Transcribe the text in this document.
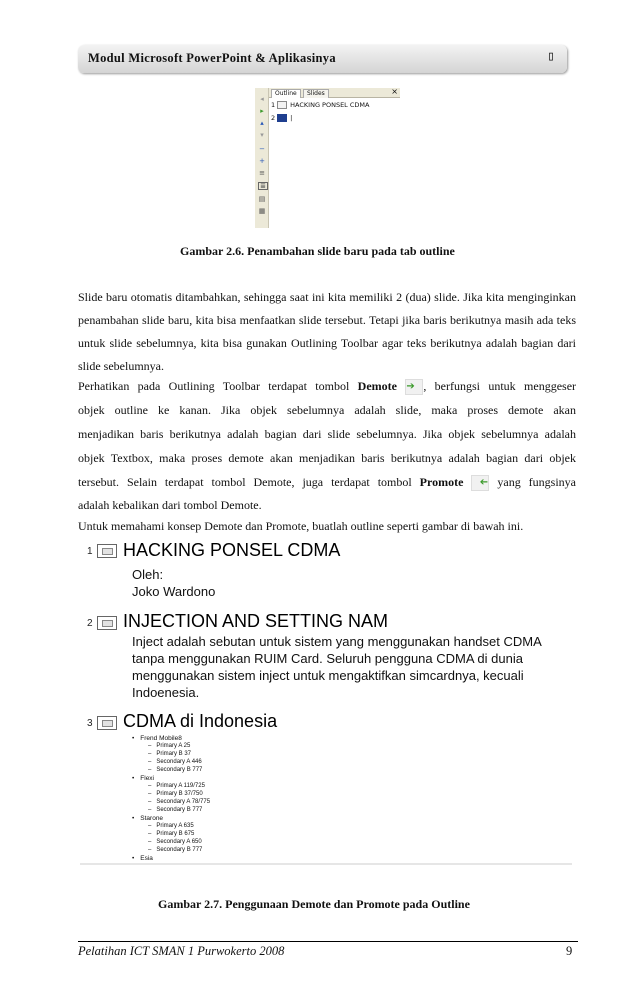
Modul Microsoft PowerPoint & Aplikasinya	▯
◂
▸
▴
▾
−
+
≡
≣
▤
▦
Outline	Slides	×
1 HACKING PONSEL CDMA
2 |
Gambar 2.6. Penambahan slide baru pada tab outline
Slide baru otomatis ditambahkan, sehingga saat ini kita memiliki 2 (dua) slide. Jika kita menginginkan penambahan slide baru, kita bisa menfaatkan slide tersebut. Tetapi jika baris berikutnya masih ada teks untuk slide sebelumnya, kita bisa gunakan Outlining Toolbar agar teks berikutnya adalah bagian dari slide sebelumnya.
Perhatikan pada Outlining Toolbar terdapat tombol Demote ➔ , berfungsi untuk menggeser
objek outline ke kanan. Jika objek sebelumnya adalah slide, maka proses demote akan
menjadikan baris berikutnya adalah bagian dari slide sebelumnya. Jika objek sebelumnya adalah
objek Textbox, maka proses demote akan menjadikan baris berikutnya adalah bagian dari objek
tersebut. Selain terdapat tombol Demote, juga terdapat tombol Promote ➔ yang fungsinya
adalah kebalikan dari tombol Demote.
Untuk memahami konsep Demote dan Promote, buatlah outline seperti gambar di bawah ini.
1 HACKING PONSEL CDMA
Oleh:
Joko Wardono
2 INJECTION AND SETTING NAM
Inject adalah sebutan untuk sistem yang menggunakan handset CDMA
tanpa menggunakan RUIM Card. Seluruh pengguna CDMA di dunia
menggunakan sistem inject untuk mengaktifkan simcardnya, kecuali
Indoenesia.
3 CDMA di Indonesia
• Frend Mobile8
– Primary A 25
– Primary B 37
– Secondary A 446
– Secondary B 777
• Flexi
– Primary A 119/725
– Primary B 37/750
– Secondary A 78/775
– Secondary B 777
• Starone
– Primary A 635
– Primary B 675
– Secondary A 650
– Secondary B 777
• Esia
Gambar 2.7. Penggunaan Demote dan Promote pada Outline
Pelatihan ICT SMAN 1 Purwokerto 2008	9
